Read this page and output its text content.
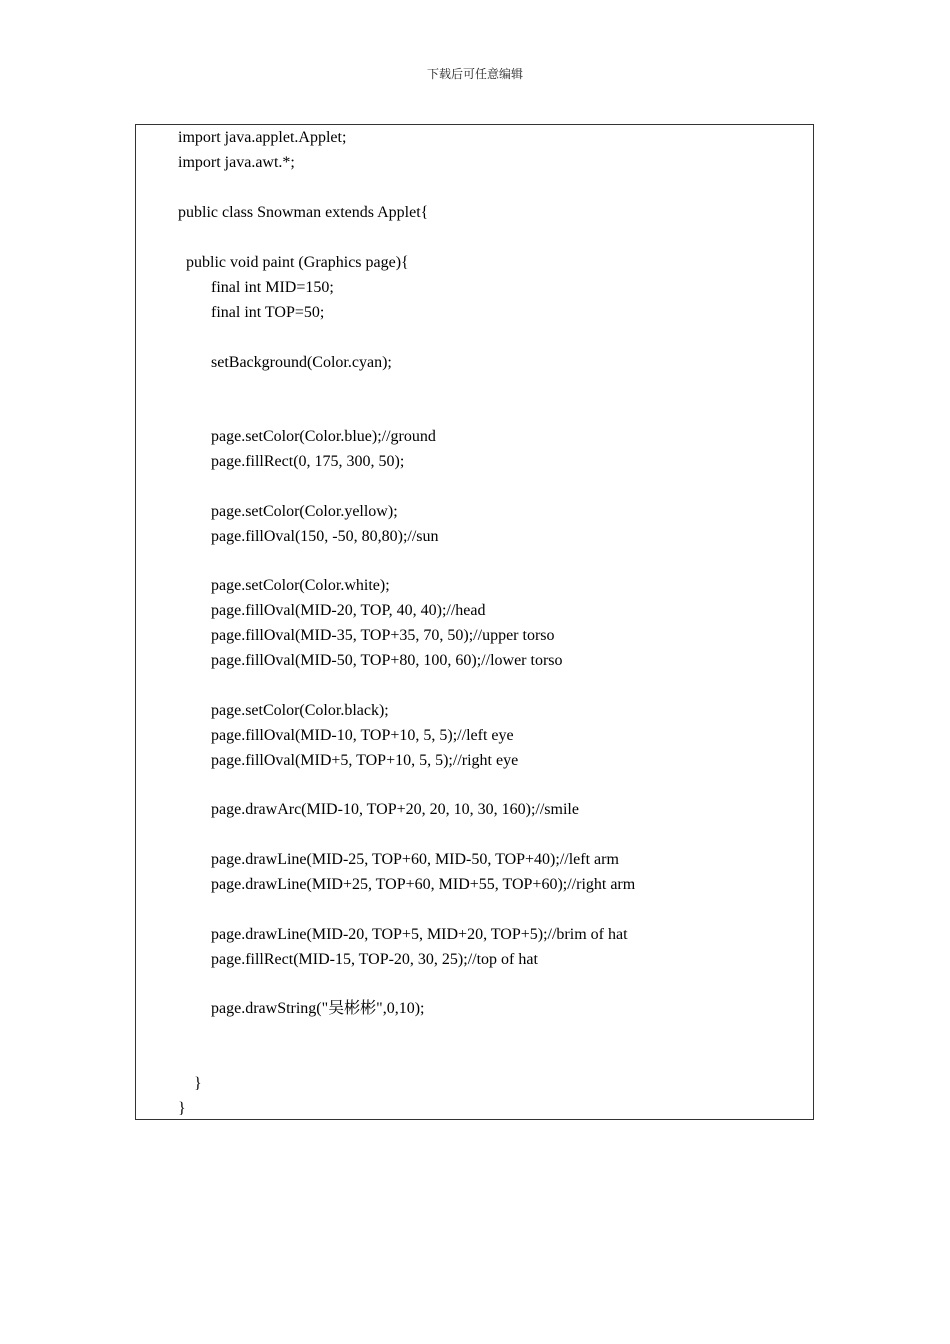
下载后可任意编辑
import java.applet.Applet;
import java.awt.*;
public class Snowman extends Applet{
public void paint (Graphics page){
final int MID=150;
final int TOP=50;
setBackground(Color.cyan);
page.setColor(Color.blue);//ground
page.fillRect(0, 175, 300, 50);
page.setColor(Color.yellow);
page.fillOval(150, -50, 80,80);//sun
page.setColor(Color.white);
page.fillOval(MID-20, TOP, 40, 40);//head
page.fillOval(MID-35, TOP+35, 70, 50);//upper torso
page.fillOval(MID-50, TOP+80, 100, 60);//lower torso
page.setColor(Color.black);
page.fillOval(MID-10, TOP+10, 5, 5);//left eye
page.fillOval(MID+5, TOP+10, 5, 5);//right eye
page.drawArc(MID-10, TOP+20, 20, 10, 30, 160);//smile
page.drawLine(MID-25, TOP+60, MID-50, TOP+40);//left arm
page.drawLine(MID+25, TOP+60, MID+55, TOP+60);//right arm
page.drawLine(MID-20, TOP+5, MID+20, TOP+5);//brim of hat
page.fillRect(MID-15, TOP-20, 30, 25);//top of hat
page.drawString("吴彬彬",0,10);
}
}
